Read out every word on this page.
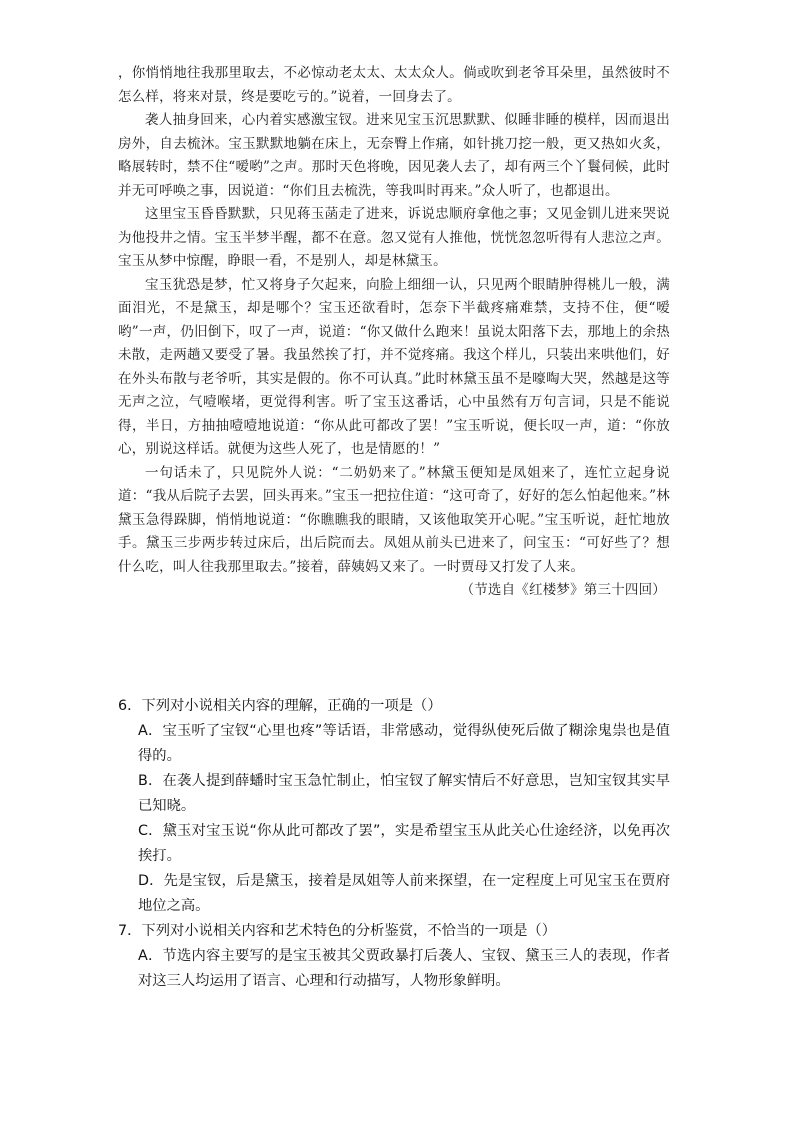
，你悄悄地往我那里取去，不必惊动老太太、太太众人。倘或吹到老爷耳朵里，虽然彼时不怎么样，将来对景，终是要吃亏的。”说着，一回身去了。

袭人抽身回来，心内着实感激宝钗。进来见宝玉沉思默默、似睡非睡的模样，因而退出房外，自去梳沐。宝玉默默地躺在床上，无奈臀上作痛，如针挑刀挖一般，更又热如火炙，略展转时，禁不住“嗳哟”之声。那时天色将晚，因见袭人去了，却有两三个丫鬟伺候，此时并无可呼唤之事，因说道：“你们且去梳洗，等我叫时再来。”众人听了，也都退出。

这里宝玉昏昏默默，只见蒋玉菡走了进来，诉说忠顺府拿他之事；又见金钏儿进来哭说为他投井之情。宝玉半梦半醒，都不在意。忽又觉有人推他，恍恍忽忽听得有人悲泣之声。宝玉从梦中惊醒，睁眼一看，不是别人，却是林黛玉。

宝玉犹恐是梦，忙又将身子欠起来，向脸上细细一认，只见两个眼睛肿得桃儿一般，满面泪光，不是黛玉，却是哪个？宝玉还欲看时，怎奈下半截疼痛难禁，支持不住，便“嗳哟”一声，仍旧倒下，叹了一声，说道：“你又做什么跑来！虽说太阳落下去，那地上的余热未散，走两趟又要受了暑。我虽然挨了打，并不觉疼痛。我这个样儿，只装出来哄他们，好在外头布散与老爷听，其实是假的。你不可认真。”此时林黛玉虽不是嚎啕大哭，然越是这等无声之泣，气噎喉堵，更觉得利害。听了宝玉这番话，心中虽然有万句言词，只是不能说得，半日，方抽抽噎噎地说道：“你从此可都改了罢！”宝玉听说，便长叹一声，道：“你放心，别说这样话。就便为这些人死了，也是情愿的！”

一句话未了，只见院外人说：“二奶奶来了。”林黛玉便知是凤姐来了，连忙立起身说道：“我从后院子去罢，回头再来。”宝玉一把拉住道：“这可奇了，好好的怎么怕起他来。”林黛玉急得跺脚，悄悄地说道：“你瞧瞧我的眼睛，又该他取笑开心呢。”宝玉听说，赶忙地放手。黛玉三步两步转过床后，出后院而去。凤姐从前头已进来了，问宝玉：“可好些了？想什么吃，叫人往我那里取去。”接着，薛姨妈又来了。一时贾母又打发了人来。

（节选自《红楼梦》第三十四回）

6．下列对小说相关内容的理解，正确的一项是（）
A．宝玉听了宝钗“心里也疼”等话语，非常感动，觉得纵使死后做了糊涂鬼祟也是值得的。
B．在袭人提到薛蟠时宝玉急忙制止，怕宝钗了解实情后不好意思，岂知宝钗其实早已知晓。
C．黛玉对宝玉说“你从此可都改了罢”，实是希望宝玉从此关心仕途经济，以免再次挨打。
D．先是宝钗，后是黛玉，接着是凤姐等人前来探望，在一定程度上可见宝玉在贾府地位之高。
7．下列对小说相关内容和艺术特色的分析鉴赏，不恰当的一项是（）
A．节选内容主要写的是宝玉被其父贾政暴打后袭人、宝钗、黛玉三人的表现，作者对这三人均运用了语言、心理和行动描写，人物形象鲜明。
